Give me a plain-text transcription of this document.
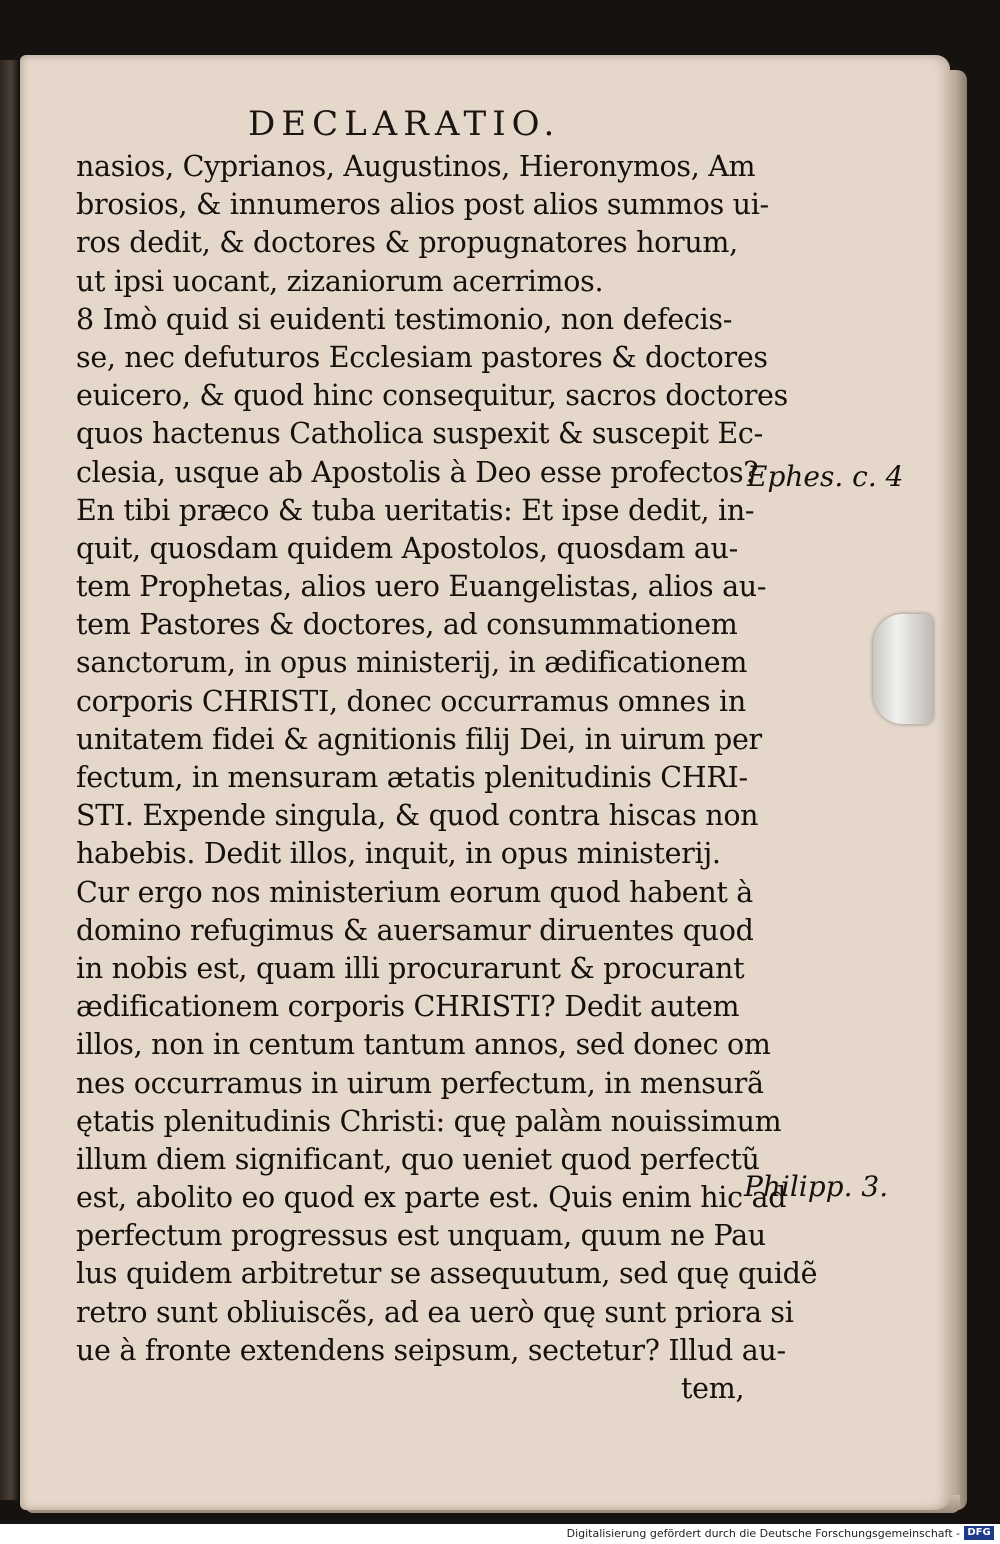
DECLARATIO.
nasios, Cyprianos, Augustinos, Hieronymos, Am
brosios, & innumeros alios post alios summos ui-
ros dedit, & doctores & propugnatores horum,
ut ipsi uocant, zizaniorum acerrimos.
8 Imò quid si euidenti testimonio, non defecis-
se, nec defuturos Ecclesiam pastores & doctores
euicero, & quod hinc consequitur, sacros doctores
quos hactenus Catholica suspexit & suscepit Ec-
clesia, usque ab Apostolis à Deo esse profectos?
En tibi præco & tuba ueritatis: Et ipse dedit, in-
quit, quosdam quidem Apostolos, quosdam au-
tem Prophetas, alios uero Euangelistas, alios au-
tem Pastores & doctores, ad consummationem
sanctorum, in opus ministerij, in ædificationem
corporis CHRISTI, donec occurramus omnes in
unitatem fidei & agnitionis filij Dei, in uirum per
fectum, in mensuram ætatis plenitudinis CHRI-
STI. Expende singula, & quod contra hiscas non
habebis. Dedit illos, inquit, in opus ministerij.
Cur ergo nos ministerium eorum quod habent à
domino refugimus & auersamur diruentes quod
in nobis est, quam illi procurarunt & procurant
ædificationem corporis CHRISTI? Dedit autem
illos, non in centum tantum annos, sed donec om
nes occurramus in uirum perfectum, in mensurã
ętatis plenitudinis Christi: quę palàm nouissimum
illum diem significant, quo ueniet quod perfectũ
est, abolito eo quod ex parte est. Quis enim hic ad
perfectum progressus est unquam, quum ne Pau
lus quidem arbitretur se assequutum, sed quę quidẽ
retro sunt obliuiscẽs, ad ea uerò quę sunt priora si
ue à fronte extendens seipsum, sectetur? Illud au-
tem,
Ephes. c. 4
Philipp. 3.
Digitalisierung gefördert durch die Deutsche Forschungsgemeinschaft - DFG
